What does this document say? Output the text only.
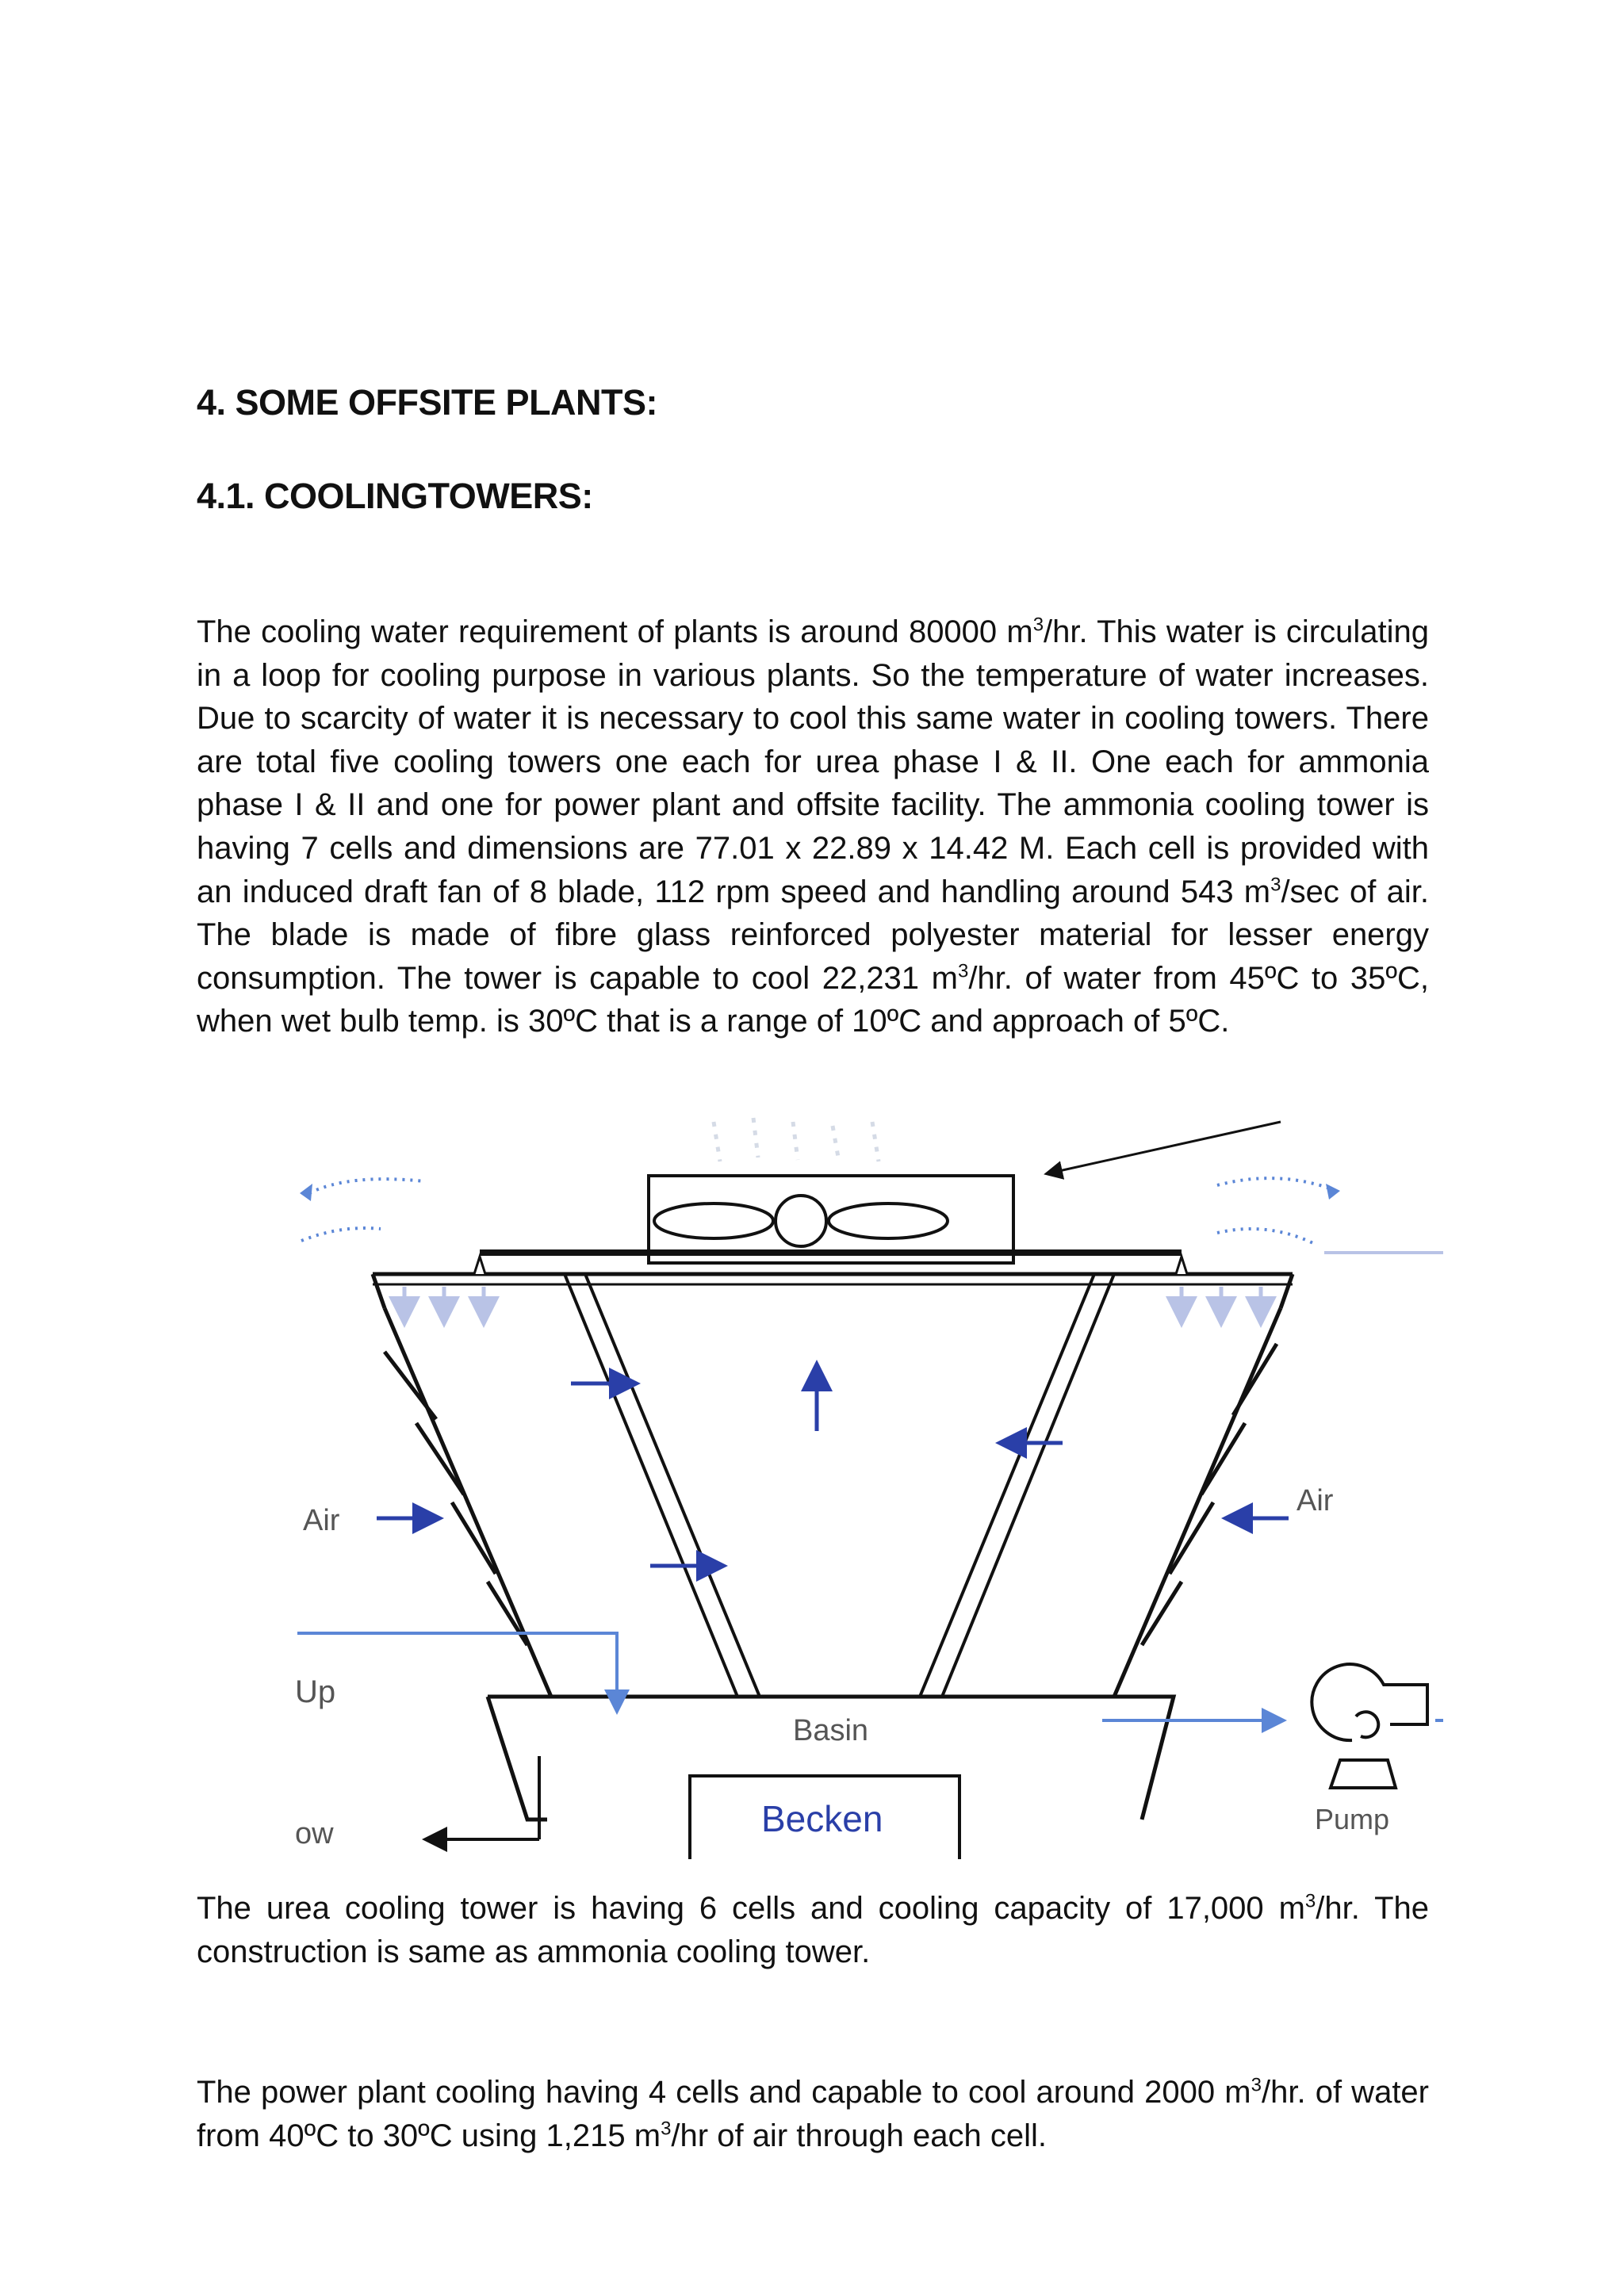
4. SOME OFFSITE PLANTS:
4.1. COOLINGTOWERS:

The cooling water requirement of plants is around 80000 $m^3/hr$. This water is circulating in a loop for cooling purpose in various plants. So the temperature of water increases. Due to scarcity of water it is necessary to cool this same water in cooling towers. There are total five cooling towers one each for urea phase I & II. One each for ammonia phase I & II and one for power plant and offsite facility. The ammonia cooling tower is having 7 cells and dimensions are 77.01 x 22.89 x 14.42 M. Each cell is provided with an induced draft fan of 8 blade, 112 rpm speed and handling around 543 $m^3/\sec$ of air. The blade is made of fibre glass reinforced polyester material for lesser energy consumption. The tower is capable to cool 22,231 $m^3/hr$. of water from 45ºC to 35ºC, when wet bulb temp. is 30ºC that is a range of 10ºC and approach of 5ºC.

Air
Air
Up
ow
Basin
Becken	Pump

The urea cooling tower is having 6 cells and cooling capacity of 17,000 $m^3/hr$. The construction is same as ammonia cooling tower.

The power plant cooling having 4 cells and capable to cool around 2000 $m^3/hr$. of water from 40ºC to 30ºC using 1,215 $m^3/hr$ of air through each cell.
